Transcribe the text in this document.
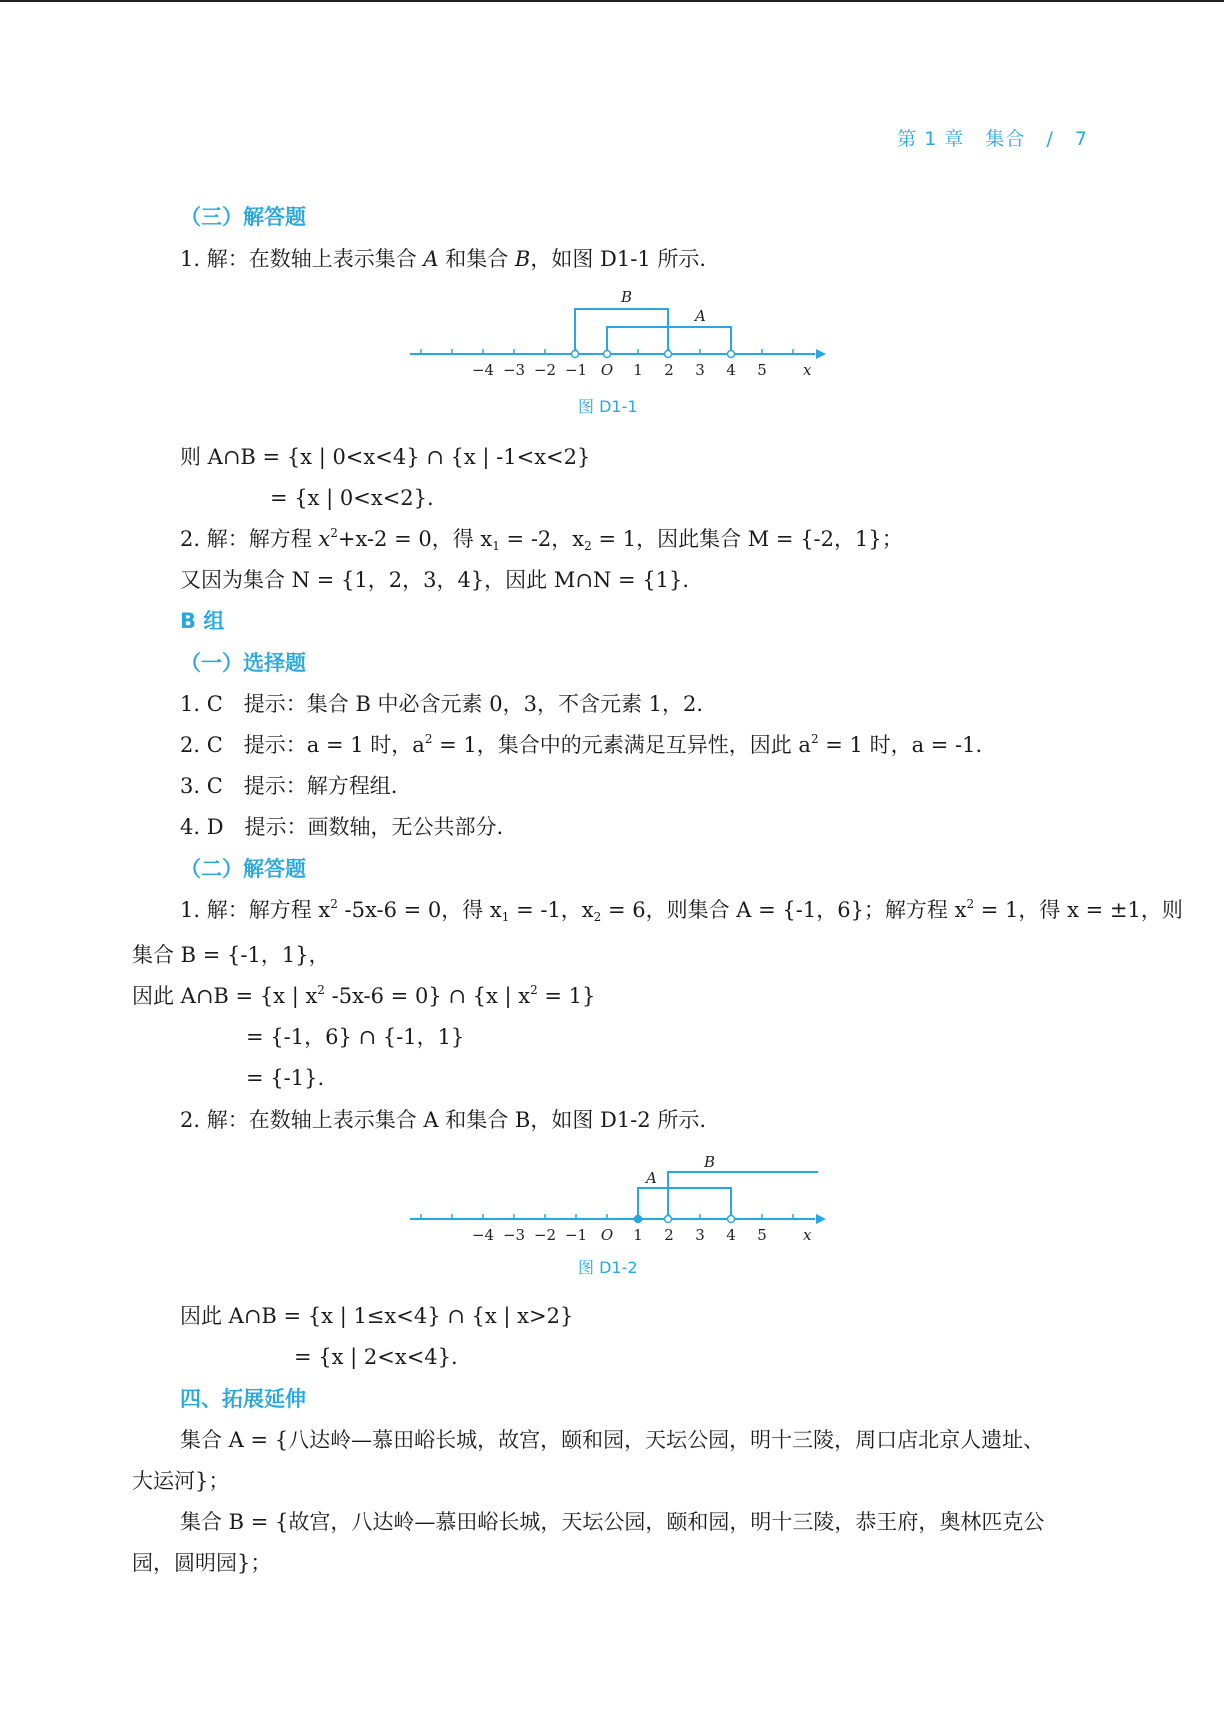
第 1 章 集合 / 7
（三）解答题
1. 解：在数轴上表示集合 A 和集合 B，如图 D1-1 所示.
−4 −3 −2 −1 O 1 2 3 4 5
B
A
x
图 D1-1
则 A∩B = {x | 0<x<4} ∩ {x | -1<x<2}
= {x | 0<x<2}.
2. 解：解方程 $x^2+x-2 = 0$，得 $x_1 = -2$，$x_2 = 1$，因此集合 M = {-2，1}；
又因为集合 N = {1，2，3，4}，因此 M∩N = {1}.
B 组
（一）选择题
1. C　提示：集合 B 中必含元素 0，3，不含元素 1，2.
2. C　提示：a = 1 时，$a^2 = 1$，集合中的元素满足互异性，因此 $a^2 = 1$ 时，a = -1.
3. C　提示：解方程组.
4. D　提示：画数轴，无公共部分.
（二）解答题
1. 解：解方程 $x^2$ -5x-6 = 0，得 $x_1 = -1$，$x_2 = 6$，则集合 A = {-1，6}；解方程 $x^2 = 1$，得 x = ±1，则
集合 B = {-1，1}，
因此 A∩B = {x | $x^2$ -5x-6 = 0} ∩ {x | $x^2 = 1$}
= {-1，6} ∩ {-1，1}
= {-1}.
2. 解：在数轴上表示集合 A 和集合 B，如图 D1-2 所示.
−4 −3 −2 −1 O 1 2 3 4 5
A
B
x
图 D1-2
因此 A∩B = {x | 1≤x<4} ∩ {x | x>2}
= {x | 2<x<4}.
四、拓展延伸
集合 A = {八达岭—慕田峪长城，故宫，颐和园，天坛公园，明十三陵，周口店北京人遗址、
大运河}；
集合 B = {故宫，八达岭—慕田峪长城，天坛公园，颐和园，明十三陵，恭王府，奥林匹克公
园，圆明园}；
